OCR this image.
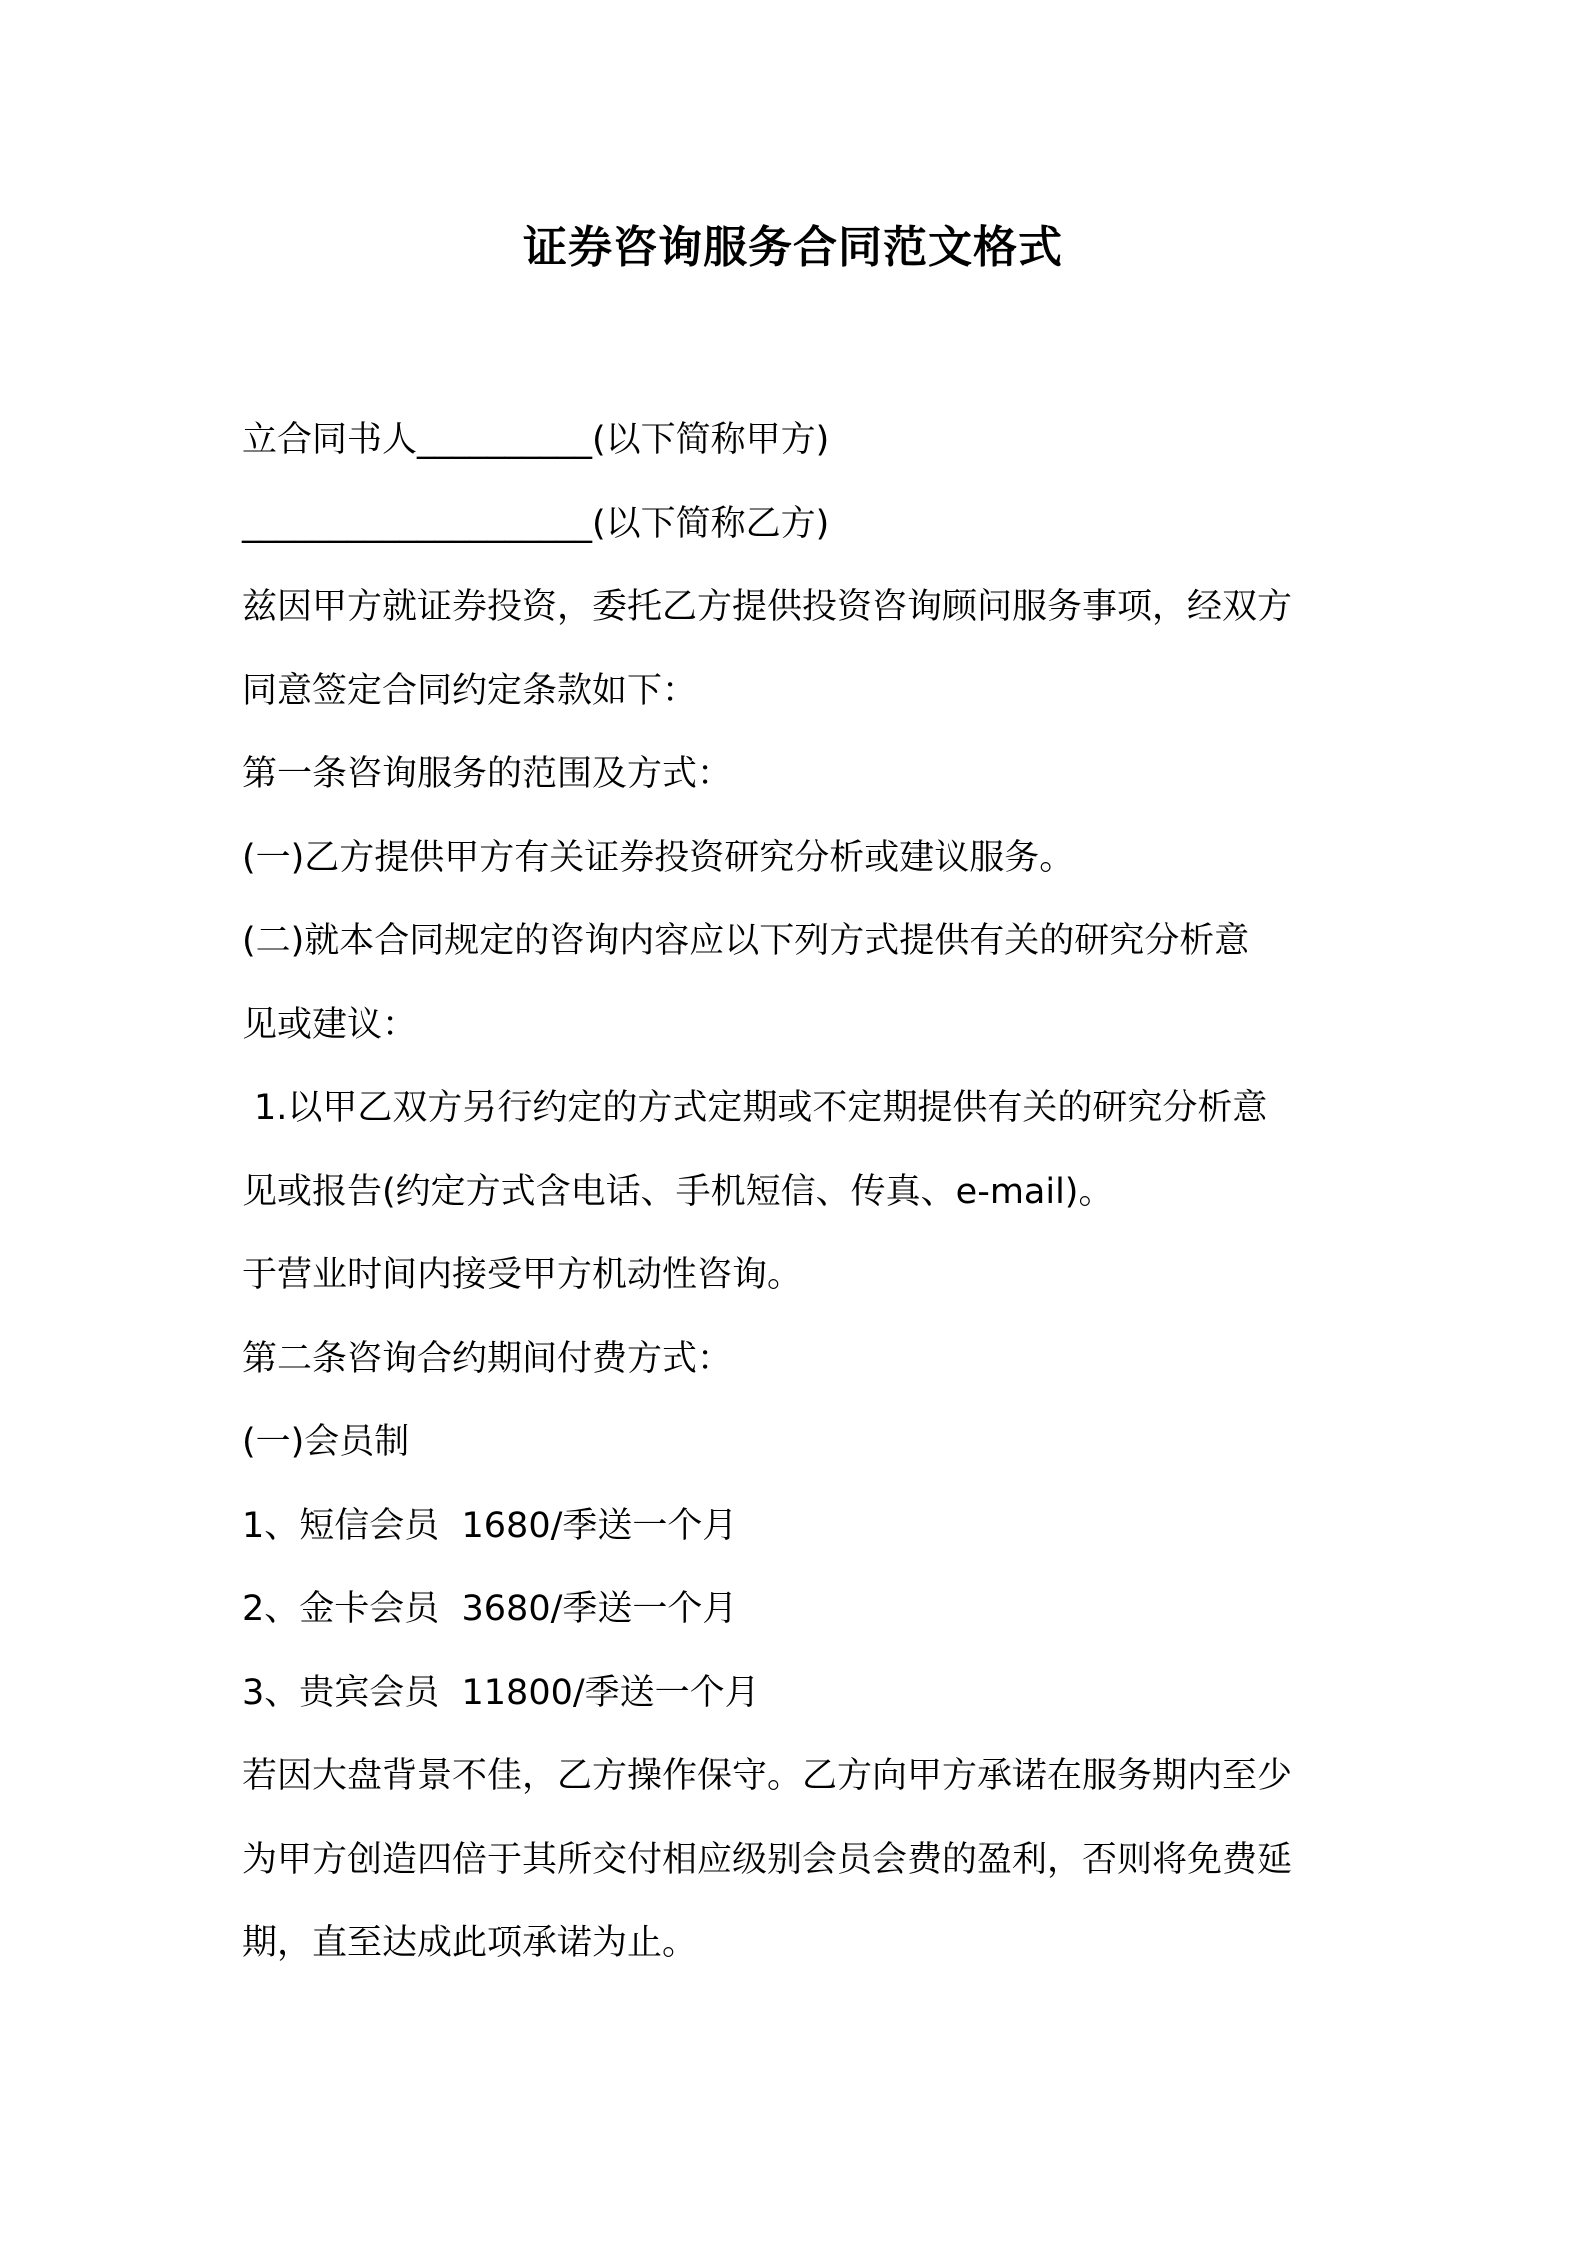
证券咨询服务合同范文格式
立合同书人__________(以下简称甲方)
____________________(以下简称乙方)
兹因甲方就证券投资，委托乙方提供投资咨询顾问服务事项，经双方
同意签定合同约定条款如下：
第一条咨询服务的范围及方式：
(一)乙方提供甲方有关证券投资研究分析或建议服务。
(二)就本合同规定的咨询内容应以下列方式提供有关的研究分析意
见或建议：
1.以甲乙双方另行约定的方式定期或不定期提供有关的研究分析意
见或报告(约定方式含电话、手机短信、传真、e-mail)。
于营业时间内接受甲方机动性咨询。
第二条咨询合约期间付费方式：
(一)会员制
1、短信会员  1680/季送一个月
2、金卡会员  3680/季送一个月
3、贵宾会员  11800/季送一个月
若因大盘背景不佳，乙方操作保守。乙方向甲方承诺在服务期内至少
为甲方创造四倍于其所交付相应级别会员会费的盈利，否则将免费延
期，直至达成此项承诺为止。
